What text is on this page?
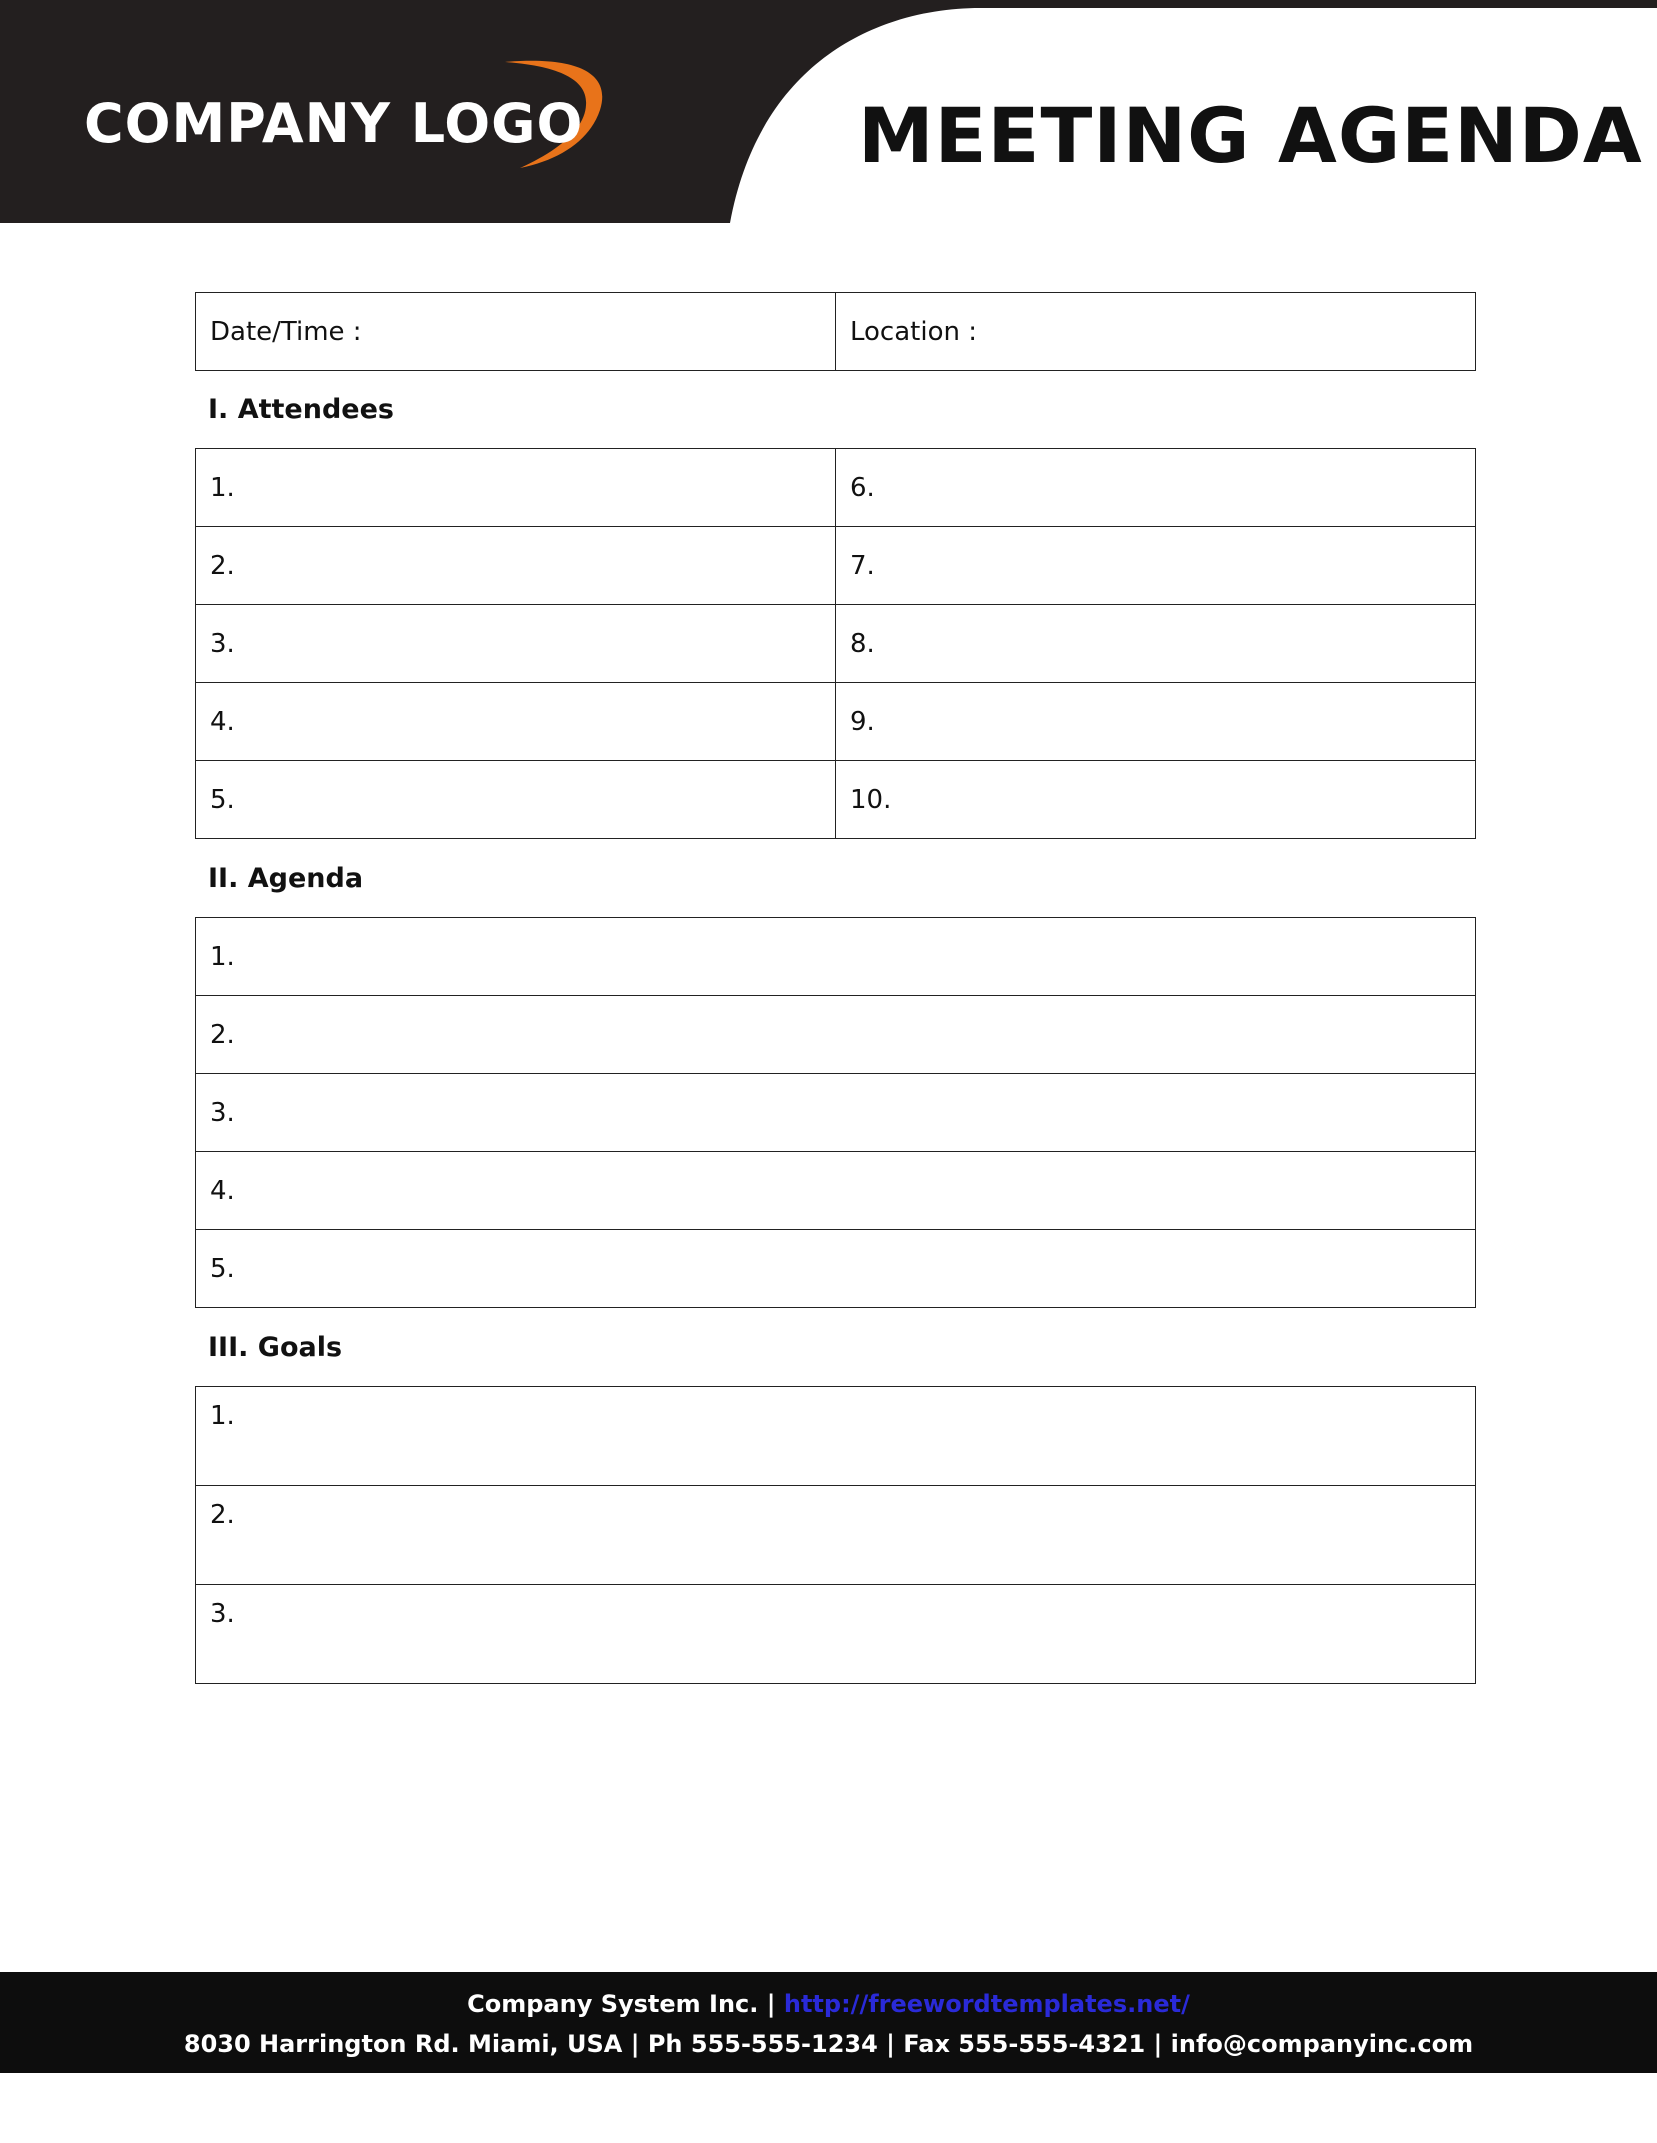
COMPANY LOGO	MEETING AGENDA
Date/Time :	Location :
I. Attendees
1.	6.
2.	7.
3.	8.
4.	9.
5.	10.
II. Agenda
1.
2.
3.
4.
5.
III. Goals
1.
2.
3.
Company System Inc. | http://freewordtemplates.net/
8030 Harrington Rd. Miami, USA | Ph 555-555-1234 | Fax 555-555-4321 | info@companyinc.com
